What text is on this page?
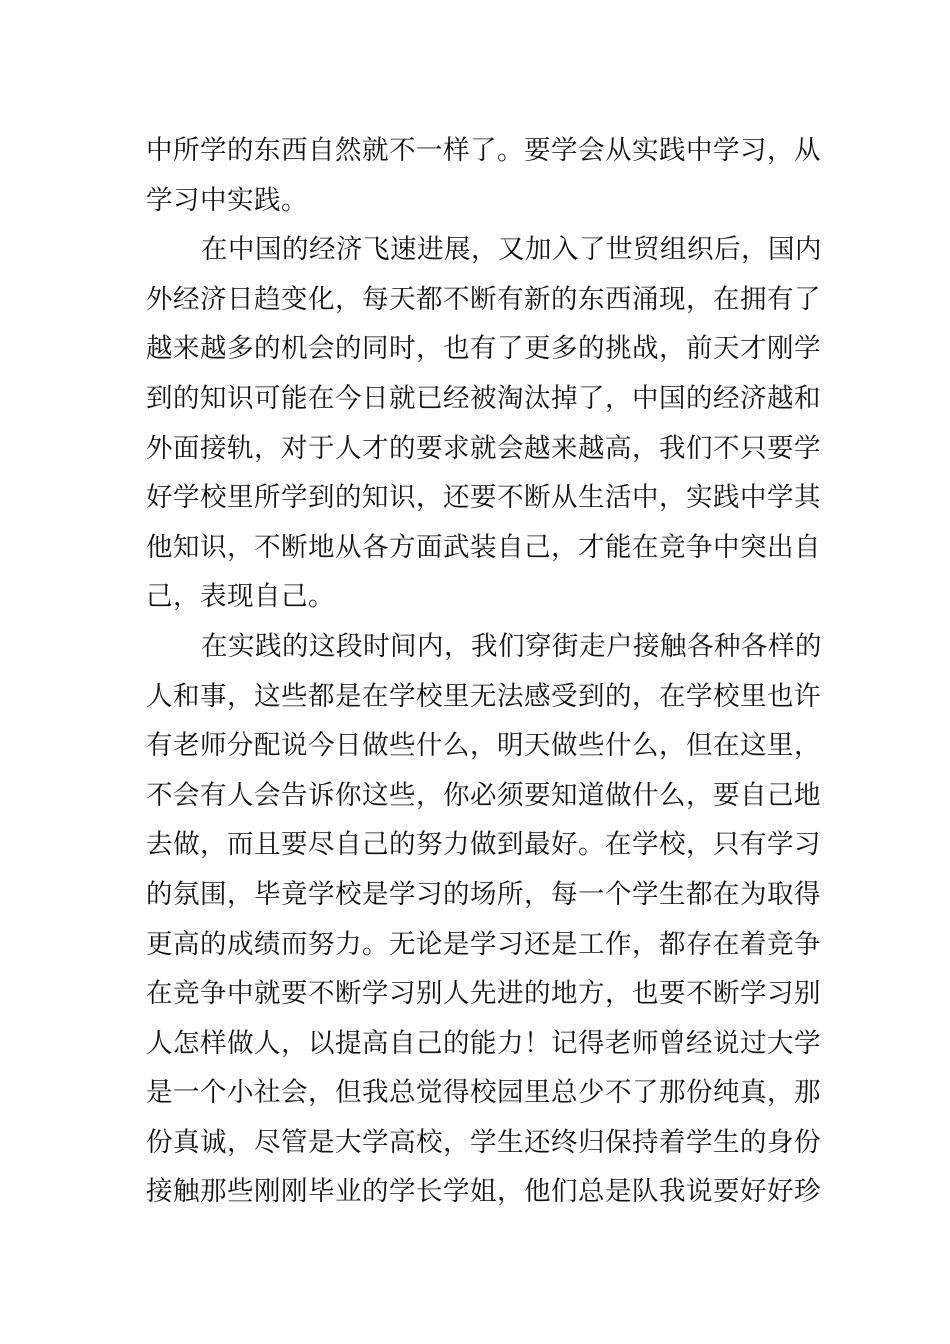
中所学的东西自然就不一样了。要学会从实践中学习，从
学习中实践。
在中国的经济飞速进展，又加入了世贸组织后，国内
外经济日趋变化，每天都不断有新的东西涌现，在拥有了
越来越多的机会的同时，也有了更多的挑战，前天才刚学
到的知识可能在今日就已经被淘汰掉了，中国的经济越和
外面接轨，对于人才的要求就会越来越高，我们不只要学
好学校里所学到的知识，还要不断从生活中，实践中学其
他知识，不断地从各方面武装自己，才能在竞争中突出自
己，表现自己。
在实践的这段时间内，我们穿街走户接触各种各样的
人和事，这些都是在学校里无法感受到的，在学校里也许
有老师分配说今日做些什么，明天做些什么，但在这里，
不会有人会告诉你这些，你必须要知道做什么，要自己地
去做，而且要尽自己的努力做到最好。在学校，只有学习
的氛围，毕竟学校是学习的场所，每一个学生都在为取得
更高的成绩而努力。无论是学习还是工作，都存在着竞争
在竞争中就要不断学习别人先进的地方，也要不断学习别
人怎样做人，以提高自己的能力！记得老师曾经说过大学
是一个小社会，但我总觉得校园里总少不了那份纯真，那
份真诚，尽管是大学高校，学生还终归保持着学生的身份
接触那些刚刚毕业的学长学姐，他们总是队我说要好好珍
